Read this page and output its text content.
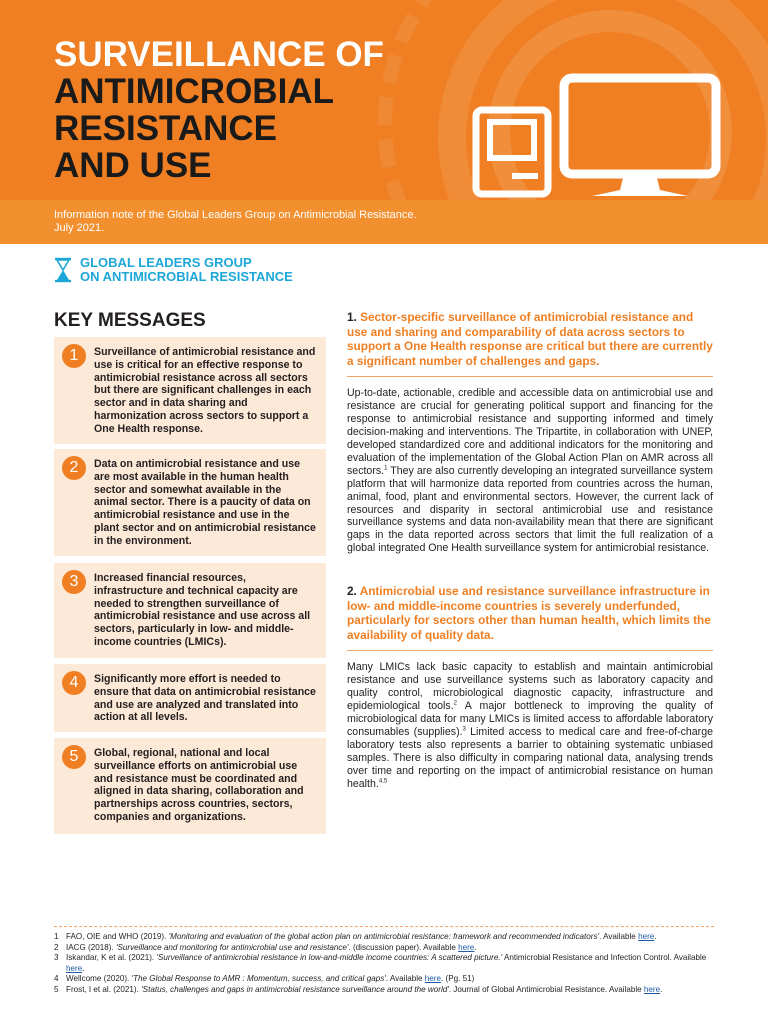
SURVEILLANCE OF
ANTIMICROBIAL
RESISTANCE
AND USE

Information note of the Global Leaders Group on Antimicrobial Resistance.
July 2021.

GLOBAL LEADERS GROUP
ON ANTIMICROBIAL RESISTANCE
KEY MESSAGES
1	Surveillance of antimicrobial resistance and use is critical for an effective response to antimicrobial resistance across all sectors but there are significant challenges in each sector and in data sharing and harmonization across sectors to support a One Health response.

2	Data on antimicrobial resistance and use are most available in the human health sector and somewhat available in the animal sector. There is a paucity of data on antimicrobial resistance and use in the plant sector and on antimicrobial resistance in the environment.

3	Increased financial resources, infrastructure and technical capacity are needed to strengthen surveillance of antimicrobial resistance and use across all sectors, particularly in low- and middle-income countries (LMICs).

4	Significantly more effort is needed to ensure that data on antimicrobial resistance and use are analyzed and translated into action at all levels.

5	Global, regional, national and local surveillance efforts on antimicrobial use and resistance must be coordinated and aligned in data sharing, collaboration and partnerships across countries, sectors, companies and organizations.

1. Sector-specific surveillance of antimicrobial resistance and use and sharing and comparability of data across sectors to support a One Health response are critical but there are currently a significant number of challenges and gaps.

Up-to-date, actionable, credible and accessible data on antimicrobial use and resistance are crucial for generating political support and financing for the response to antimicrobial resistance and supporting informed and timely decision-making and interventions. The Tripartite, in collaboration with UNEP, developed standardized core and additional indicators for the monitoring and evaluation of the implementation of the Global Action Plan on AMR across all sectors.$^1$ They are also currently developing an integrated surveillance system platform that will harmonize data reported from countries across the human, animal, food, plant and environmental sectors. However, the current lack of resources and disparity in sectoral antimicrobial use and resistance surveillance systems and data non-availability mean that there are significant gaps in the data reported across sectors that limit the full realization of a global integrated One Health surveillance system for antimicrobial resistance.

2. Antimicrobial use and resistance surveillance infrastructure in low- and middle-income countries is severely underfunded, particularly for sectors other than human health, which limits the availability of quality data.

Many LMICs lack basic capacity to establish and maintain antimicrobial resistance and use surveillance systems such as laboratory capacity and quality control, microbiological diagnostic capacity, infrastructure and epidemiological tools.$^2$ A major bottleneck to improving the quality of microbiological data for many LMICs is limited access to affordable laboratory consumables (supplies).$^3$ Limited access to medical care and free-of-charge laboratory tests also represents a barrier to obtaining systematic unbiased samples. There is also difficulty in comparing national data, analysing trends over time and reporting on the impact of antimicrobial resistance on human health.$^{4,5}$

1 FAO, OIE and WHO (2019). 'Monitoring and evaluation of the global action plan on antimicrobial resistance: framework and recommended indicators'. Available here.
2 IACG (2018). 'Surveillance and monitoring for antimicrobial use and resistance'. (discussion paper). Available here.
3 Iskandar, K et al. (2021). 'Surveillance of antimicrobial resistance in low-and-middle income countries: A scattered picture.' Antimicrobial Resistance and Infection Control. Available here.
4 Wellcome (2020). 'The Global Response to AMR : Momentum, success, and critical gaps'. Available here. (Pg. 51)
5 Frost, I et al. (2021). 'Status, challenges and gaps in antimicrobial resistance surveillance around the world'. Journal of Global Antimicrobial Resistance. Available here.
